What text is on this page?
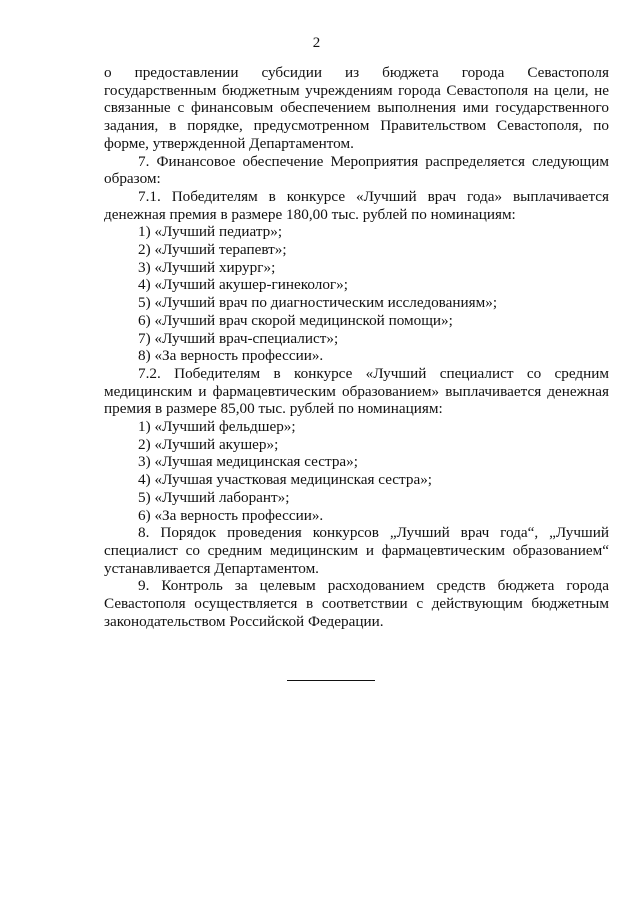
2

о предоставлении субсидии из бюджета города Севастополя государственным бюджетным учреждениям города Севастополя на цели, не связанные с финансовым обеспечением выполнения ими государственного задания, в порядке, предусмотренном Правительством Севастополя, по форме, утвержденной Департаментом.

7. Финансовое обеспечение Мероприятия распределяется следующим образом:

7.1. Победителям в конкурсе «Лучший врач года» выплачивается денежная премия в размере 180,00 тыс. рублей по номинациям:

1) «Лучший педиатр»;

2) «Лучший терапевт»;

3) «Лучший хирург»;

4) «Лучший акушер-гинеколог»;

5) «Лучший врач по диагностическим исследованиям»;

6) «Лучший врач скорой медицинской помощи»;

7) «Лучший врач-специалист»;

8) «За верность профессии».

7.2. Победителям в конкурсе «Лучший специалист со средним медицинским и фармацевтическим образованием» выплачивается денежная премия в размере 85,00 тыс. рублей по номинациям:

1) «Лучший фельдшер»;

2) «Лучший акушер»;

3) «Лучшая медицинская сестра»;

4) «Лучшая участковая медицинская сестра»;

5) «Лучший лаборант»;

6) «За верность профессии».

8. Порядок проведения конкурсов „Лучший врач года“, „Лучший специалист со средним медицинским и фармацевтическим образованием“ устанавливается Департаментом.

9. Контроль за целевым расходованием средств бюджета города Севастополя осуществляется в соответствии с действующим бюджетным законодательством Российской Федерации.
